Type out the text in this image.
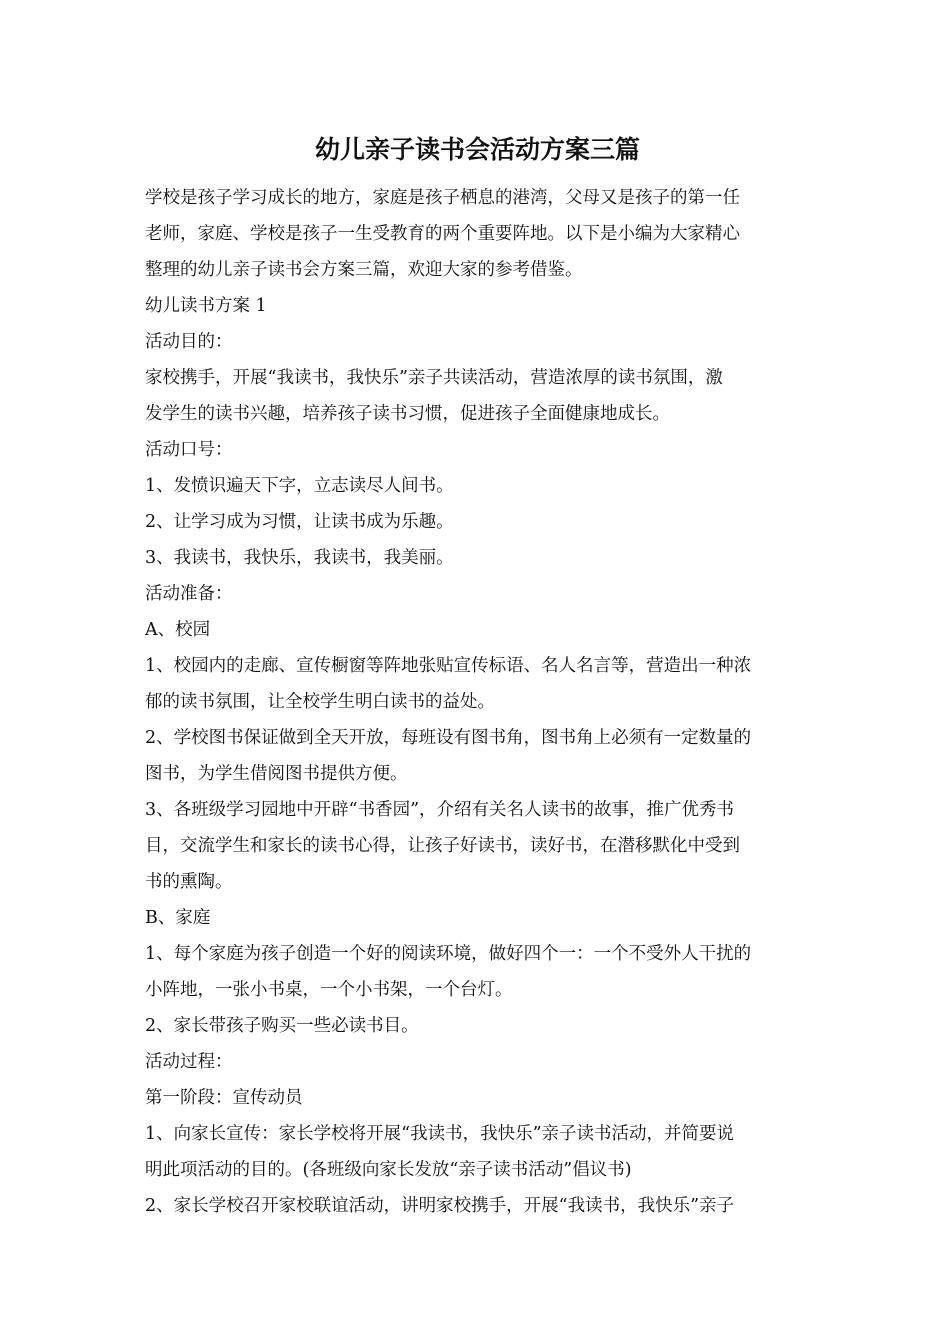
幼儿亲子读书会活动方案三篇
学校是孩子学习成长的地方，家庭是孩子栖息的港湾，父母又是孩子的第一任
老师，家庭、学校是孩子一生受教育的两个重要阵地。以下是小编为大家精心
整理的幼儿亲子读书会方案三篇，欢迎大家的参考借鉴。
幼儿读书方案 1
活动目的：
家校携手，开展“我读书，我快乐”亲子共读活动，营造浓厚的读书氛围，激
发学生的读书兴趣，培养孩子读书习惯，促进孩子全面健康地成长。
活动口号：
1、发愤识遍天下字，立志读尽人间书。
2、让学习成为习惯，让读书成为乐趣。
3、我读书，我快乐，我读书，我美丽。
活动准备：
A、校园
1、校园内的走廊、宣传橱窗等阵地张贴宣传标语、名人名言等，营造出一种浓
郁的读书氛围，让全校学生明白读书的益处。
2、学校图书保证做到全天开放，每班设有图书角，图书角上必须有一定数量的
图书，为学生借阅图书提供方便。
3、各班级学习园地中开辟“书香园”，介绍有关名人读书的故事，推广优秀书
目，交流学生和家长的读书心得，让孩子好读书，读好书，在潜移默化中受到
书的熏陶。
B、家庭
1、每个家庭为孩子创造一个好的阅读环境，做好四个一：一个不受外人干扰的
小阵地，一张小书桌，一个小书架，一个台灯。
2、家长带孩子购买一些必读书目。
活动过程：
第一阶段：宣传动员
1、向家长宣传：家长学校将开展“我读书，我快乐”亲子读书活动，并简要说
明此项活动的目的。(各班级向家长发放“亲子读书活动”倡议书)
2、家长学校召开家校联谊活动，讲明家校携手，开展“我读书，我快乐”亲子
